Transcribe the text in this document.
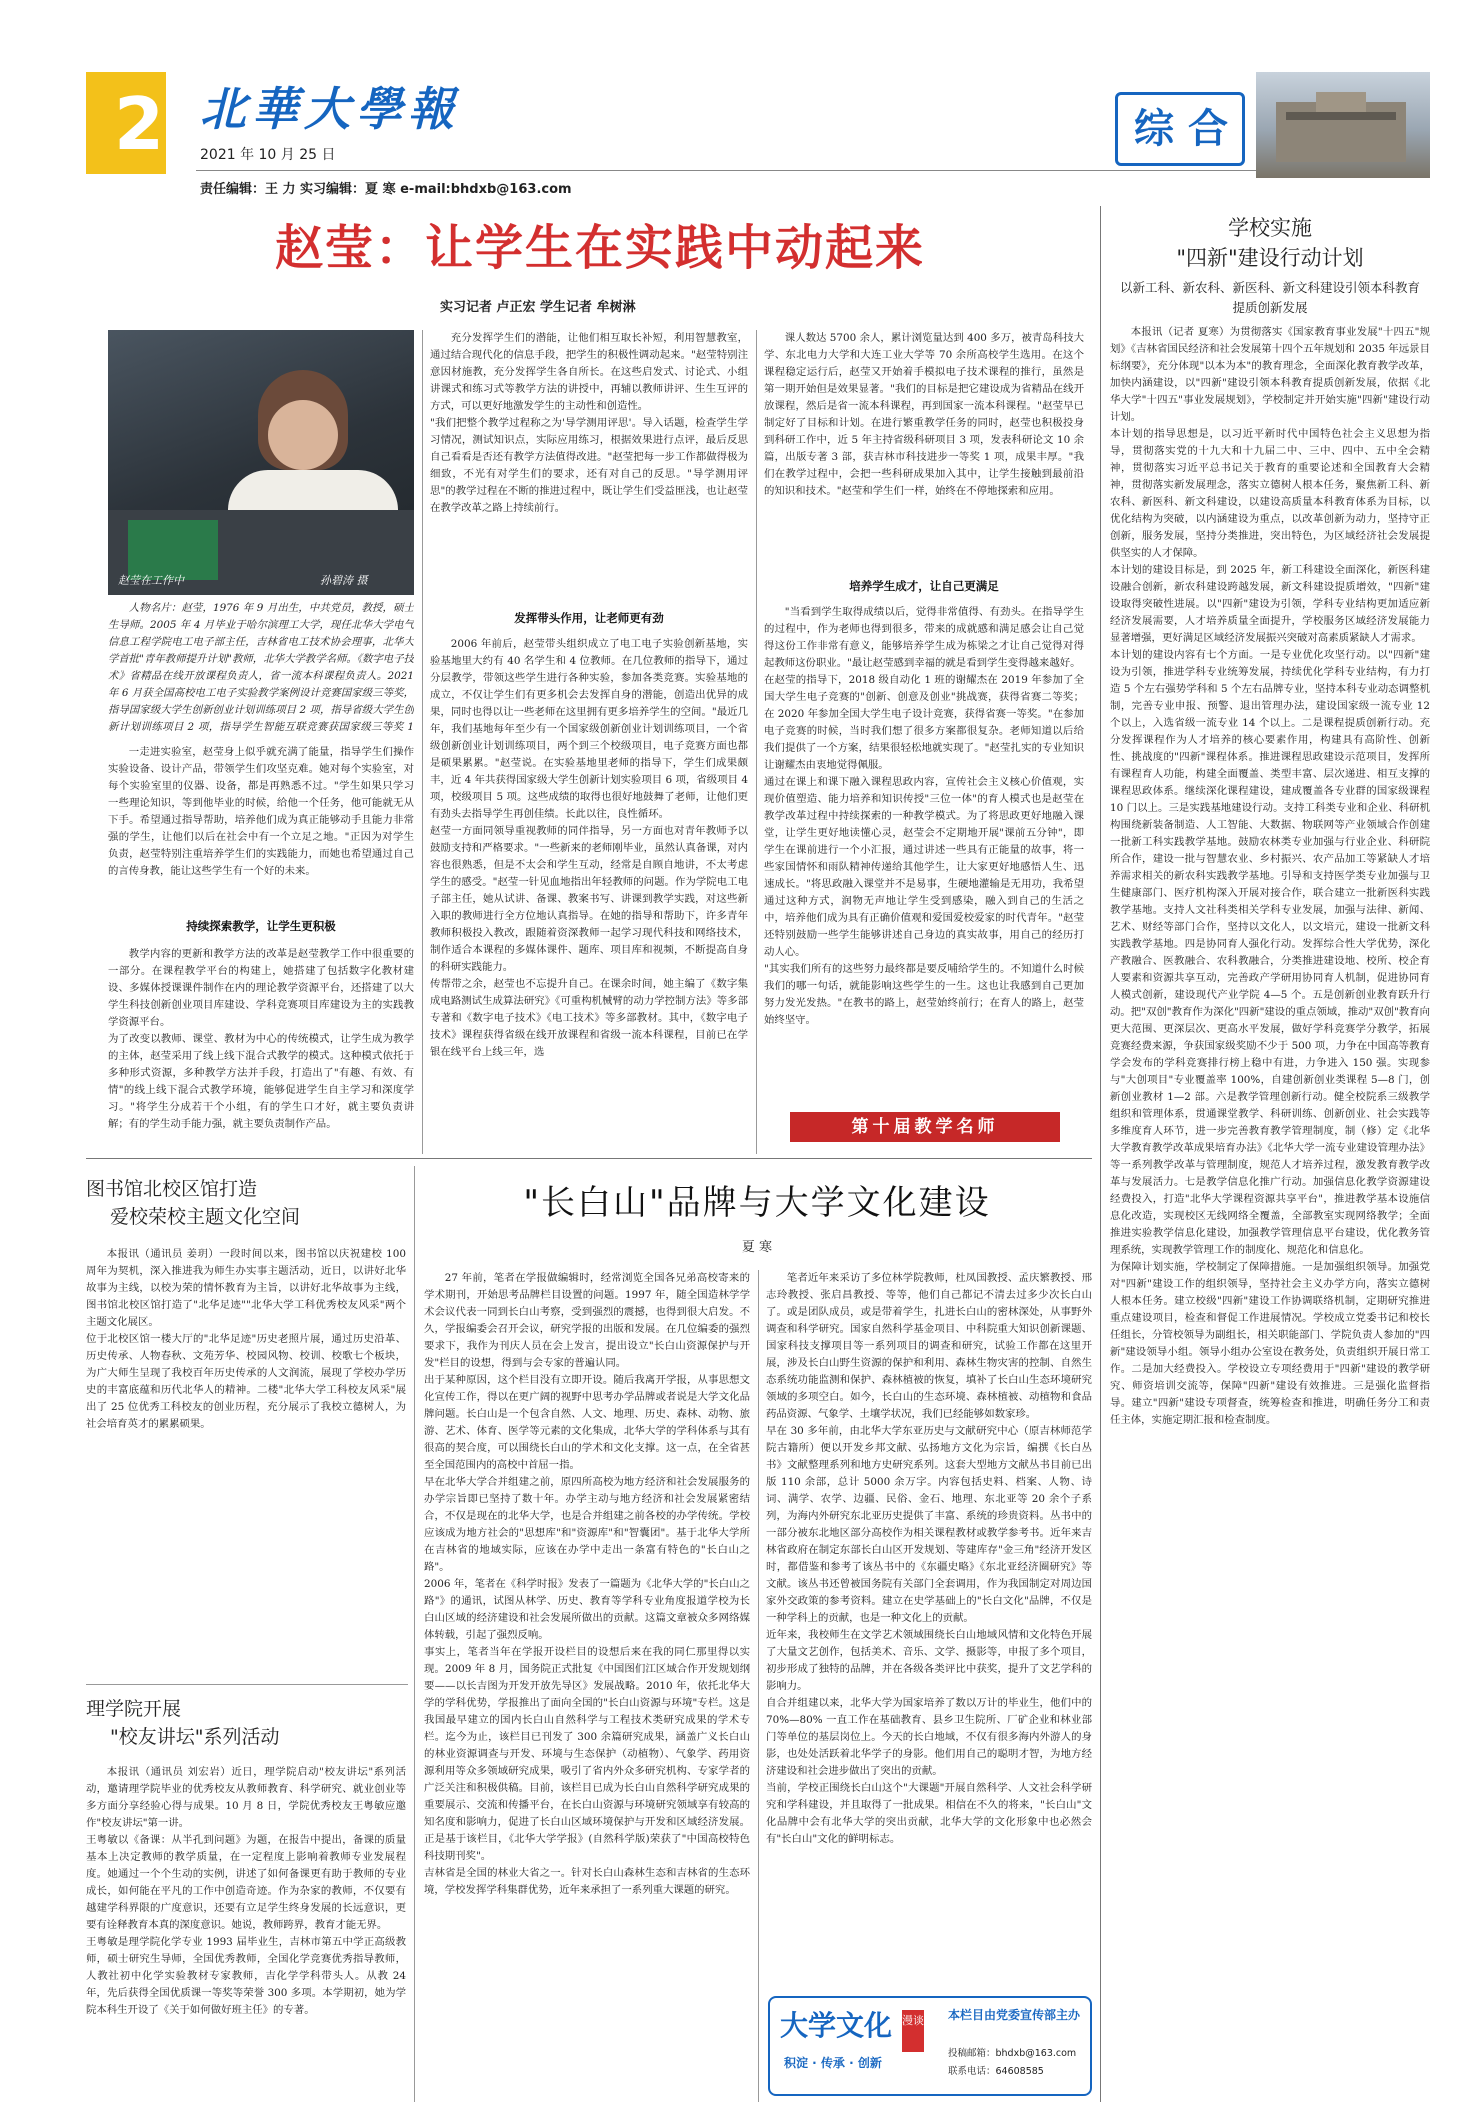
2 北華大學報
2021 年 10 月 25 日
责任编辑：王 力 实习编辑：夏 寒 e-mail:bhdxb@163.com
综 合
赵莹：让学生在实践中动起来
实习记者 卢正宏 学生记者 牟树淋
赵莹在工作中	孙碧涛 摄
人物名片：赵莹，1976 年 9 月出生，中共党员，教授，硕士生导师。2005 年 4 月毕业于哈尔滨理工大学，现任北华大学电气信息工程学院电工电子部主任，吉林省电工技术协会理事，北华大学首批"青年教师提升计划"教师，北华大学教学名师。《数字电子技术》省精品在线开放课程负责人，省一流本科课程负责人。2021 年 6 月获全国高校电工电子实验教学案例设计竞赛国家级三等奖，指导国家级大学生创新创业计划训练项目 2 项，指导省级大学生创新计划训练项目 2 项，指导学生智能互联竞赛获国家级三等奖 1
一走进实验室，赵莹身上似乎就充满了能量，指导学生们操作实验设备、设计产品，带领学生们攻坚克难。她对每个实验室，对每个实验室里的仪器、设备，都是再熟悉不过。"学生如果只学习一些理论知识，等到他毕业的时候，给他一个任务，他可能就无从下手。希望通过指导帮助，培养他们成为真正能够动手且能力非常强的学生，让他们以后在社会中有一个立足之地。"正因为对学生负责，赵莹特别注重培养学生们的实践能力，而她也希望通过自己的言传身教，能让这些学生有一个好的未来。
持续探索教学，让学生更积极
教学内容的更新和教学方法的改革是赵莹教学工作中很重要的一部分。在课程教学平台的构建上，她搭建了包括数字化教材建设、多媒体授课课件制作在内的理论教学资源平台，还搭建了以大学生科技创新创业项目库建设、学科竞赛项目库建设为主的实践教学资源平台。
为了改变以教师、课堂、教材为中心的传统模式，让学生成为教学的主体，赵莹采用了线上线下混合式教学的模式。这种模式依托于多种形式资源，多种教学方法并手段，打造出了"有趣、有效、有情"的线上线下混合式教学环境，能够促进学生自主学习和深度学习。"将学生分成若干个小组，有的学生口才好，就主要负责讲解；有的学生动手能力强，就主要负责制作产品。
充分发挥学生们的潜能，让他们相互取长补短，利用智慧教室，通过结合现代化的信息手段，把学生的积极性调动起来。"赵莹特别注意因材施教，充分发挥学生各自所长。在这些启发式、讨论式、小组讲课式和练习式等教学方法的讲授中，再辅以教师讲评、生生互评的方式，可以更好地激发学生的主动性和创造性。
"我们把整个教学过程称之为'导学测用评思'。导入话题，检查学生学习情况，测试知识点，实际应用练习，根据效果进行点评，最后反思自己看看是否还有教学方法值得改进。"赵莹把每一步工作都做得极为细致，不光有对学生们的要求，还有对自己的反思。"导学测用评思"的教学过程在不断的推进过程中，既让学生们受益匪浅，也让赵莹在教学改革之路上持续前行。
发挥带头作用，让老师更有劲
2006 年前后，赵莹带头组织成立了电工电子实验创新基地，实验基地里大约有 40 名学生和 4 位教师。在几位教师的指导下，通过分层教学，带领这些学生进行各种实验，参加各类竞赛。实验基地的成立，不仅让学生们有更多机会去发挥自身的潜能，创造出优异的成果，同时也得以让一些老师在这里拥有更多培养学生的空间。"最近几年，我们基地每年至少有一个国家级创新创业计划训练项目，一个省级创新创业计划训练项目，两个到三个校级项目，电子竞赛方面也都是硕果累累。"赵莹说。在实验基地里老师的指导下，学生们成果颇丰，近 4 年共获得国家级大学生创新计划实验项目 6 项，省级项目 4 项，校级项目 5 项。这些成绩的取得也很好地鼓舞了老师，让他们更有劲头去指导学生再创佳绩。长此以往，良性循环。
赵莹一方面同领导重视教师的同伴指导，另一方面也对青年教师予以鼓励支持和严格要求。"一些新来的老师刚毕业，虽然认真备课，对内容也很熟悉，但是不太会和学生互动，经常是自顾自地讲，不太考虑学生的感受。"赵莹一针见血地指出年轻教师的问题。作为学院电工电子部主任，她从试讲、备课、教案书写、讲课到教学实践，对这些新入职的教师进行全方位地认真指导。在她的指导和帮助下，许多青年教师积极投入教改，跟随着资深教师一起学习现代科技和网络技术，制作适合本课程的多媒体课件、题库、项目库和视频，不断提高自身的科研实践能力。
传帮带之余，赵莹也不忘提升自己。在课余时间，她主编了《数字集成电路测试生成算法研究》《可重构机械臂的动力学控制方法》等多部专著和《数字电子技术》《电工技术》等多部教材。其中，《数字电子技术》课程获得省级在线开放课程和省级一流本科课程，目前已在学银在线平台上线三年，选
课人数达 5700 余人，累计浏览量达到 400 多万，被青岛科技大学、东北电力大学和大连工业大学等 70 余所高校学生选用。在这个课程稳定运行后，赵莹又开始着手模拟电子技术课程的推行，虽然是第一期开始但是效果显著。"我们的目标是把它建设成为省精品在线开放课程，然后是省一流本科课程，再到国家一流本科课程。"赵莹早已制定好了目标和计划。在进行繁重教学任务的同时，赵莹也积极投身到科研工作中，近 5 年主持省级科研项目 3 项，发表科研论文 10 余篇，出版专著 3 部，获吉林市科技进步一等奖 1 项，成果丰厚。"我们在教学过程中，会把一些科研成果加入其中，让学生接触到最前沿的知识和技术。"赵莹和学生们一样，始终在不停地探索和应用。
培养学生成才，让自己更满足
"当看到学生取得成绩以后，觉得非常值得、有劲头。在指导学生的过程中，作为老师也得到很多，带来的成就感和满足感会让自己觉得这份工作非常有意义，能够培养学生成为栋梁之才让自己觉得对得起教师这份职业。"最让赵莹感到幸福的就是看到学生变得越来越好。
在赵莹的指导下，2018 级自动化 1 班的谢耀杰在 2019 年参加了全国大学生电子竞赛的"创新、创意及创业"挑战赛，获得省赛二等奖；在 2020 年参加全国大学生电子设计竞赛，获得省赛一等奖。"在参加电子竞赛的时候，当时我们想了很多方案都很复杂。老师知道以后给我们提供了一个方案，结果很轻松地就实现了。"赵莹扎实的专业知识让谢耀杰由衷地觉得佩服。
通过在课上和课下融入课程思政内容，宣传社会主义核心价值观，实现价值塑造、能力培养和知识传授"三位一体"的育人模式也是赵莹在教学改革过程中持续探索的一种教学模式。为了将思政更好地融入课堂，让学生更好地读懂心灵，赵莹会不定期地开展"课前五分钟"，即学生在课前进行一个小汇报，通过讲述一些具有正能量的故事，将一些家国情怀和雨队精神传递给其他学生，让大家更好地感悟人生、迅速成长。"将思政融入课堂并不是易事，生硬地灌输是无用功，我希望通过这种方式，润物无声地让学生受到感染，融入到自己的生活之中，培养他们成为具有正确价值观和爱国爱校爱家的时代青年。"赵莹还特别鼓励一些学生能够讲述自己身边的真实故事，用自己的经历打动人心。
"其实我们所有的这些努力最终都是要反哺给学生的。不知道什么时候我们的哪一句话，就能影响这些学生的一生。这也让我感到自己更加努力发光发热。"在教书的路上，赵莹始终前行；在育人的路上，赵莹始终坚守。
第十届教学名师
学校实施
"四新"建设行动计划
以新工科、新农科、新医科、新文科建设引领本科教育提质创新发展
本报讯（记者 夏寒）为贯彻落实《国家教育事业发展"十四五"规划》《吉林省国民经济和社会发展第十四个五年规划和 2035 年远景目标纲要》，充分体现"以本为本"的教育理念，全面深化教育教学改革，加快内涵建设，以"四新"建设引领本科教育提质创新发展，依据《北华大学"十四五"事业发展规划》，学校制定并开始实施"四新"建设行动计划。
本计划的指导思想是，以习近平新时代中国特色社会主义思想为指导，贯彻落实党的十九大和十九届二中、三中、四中、五中全会精神，贯彻落实习近平总书记关于教育的重要论述和全国教育大会精神，贯彻落实新发展理念，落实立德树人根本任务，聚焦新工科、新农科、新医科、新文科建设，以建设高质量本科教育体系为目标，以优化结构为突破，以内涵建设为重点，以改革创新为动力，坚持守正创新，服务发展，坚持分类推进，突出特色，为区域经济社会发展提供坚实的人才保障。
本计划的建设目标是，到 2025 年，新工科建设全面深化，新医科建设融合创新，新农科建设跨越发展，新文科建设提质增效，"四新"建设取得突破性进展。以"四新"建设为引领，学科专业结构更加适应新经济发展需要，人才培养质量全面提升，学校服务区域经济发展能力显著增强，更好满足区域经济发展振兴突破对高素质紧缺人才需求。
本计划的建设内容有七个方面。一是专业优化攻坚行动。以"四新"建设为引领，推进学科专业统筹发展，持续优化学科专业结构，有力打造 5 个左右强势学科和 5 个左右品牌专业，坚持本科专业动态调整机制，完善专业申报、预警、退出管理办法，建设国家级一流专业 12 个以上，入选省级一流专业 14 个以上。二是课程提质创新行动。充分发挥课程作为人才培养的核心要素作用，构建具有高阶性、创新性、挑战度的"四新"课程体系。推进课程思政建设示范项目，发挥所有课程育人功能，构建全面覆盖、类型丰富、层次递进、相互支撑的课程思政体系。继续深化课程建设，建成覆盖各专业群的国家级课程 10 门以上。三是实践基地建设行动。支持工科类专业和企业、科研机构围绕新装备制造、人工智能、大数据、物联网等产业领域合作创建一批新工科实践教学基地。鼓励农林类专业加强与行业企业、科研院所合作，建设一批与智慧农业、乡村振兴、农产品加工等紧缺人才培养需求相关的新农科实践教学基地。引导和支持医学类专业加强与卫生健康部门、医疗机构深入开展对接合作，联合建立一批新医科实践教学基地。支持人文社科类相关学科专业发展，加强与法律、新闻、艺术、财经等部门合作，坚持以文化人，以文培元，建设一批新文科实践教学基地。四是协同育人强化行动。发挥综合性大学优势，深化产教融合、医教融合、农科教融合，分类推进建设地、校所、校企育人要素和资源共享互动，完善政产学研用协同育人机制，促进协同育人模式创新，建设现代产业学院 4—5 个。五是创新创业教育跃升行动。把"双创"教育作为深化"四新"建设的重点领域，推动"双创"教育向更大范围、更深层次、更高水平发展，做好学科竞赛学分教学，拓展竞赛经费来源，争获国家级奖励不少于 500 项，力争在中国高等教育学会发布的学科竞赛排行榜上稳中有进，力争进入 150 强。实现参与"大创项目"专业覆盖率 100%，自建创新创业类课程 5—8 门，创新创业教材 1—2 部。六是教学管理创新行动。健全校院系三级教学组织和管理体系，贯通课堂教学、科研训练、创新创业、社会实践等多维度育人环节，进一步完善教育教学管理制度，制（修）定《北华大学教育教学改革成果培育办法》《北华大学一流专业建设管理办法》等一系列教学改革与管理制度，规范人才培养过程，激发教育教学改革与发展活力。七是教学信息化推广行动。加强信息化教学资源建设经费投入，打造"北华大学课程资源共享平台"，推进教学基本设施信息化改造，实现校区无线网络全覆盖，全部教室实现网络教学；全面推进实验教学信息化建设，加强教学管理信息平台建设，优化教务管理系统，实现教学管理工作的制度化、规范化和信息化。
为保障计划实施，学校制定了保障措施。一是加强组织领导。加强党对"四新"建设工作的组织领导，坚持社会主义办学方向，落实立德树人根本任务。建立校级"四新"建设工作协调联络机制，定期研究推进重点建设项目，检查和督促工作进展情况。学校成立党委书记和校长任组长，分管校领导为副组长，相关职能部门、学院负责人参加的"四新"建设领导小组。领导小组办公室设在教务处，负责组织开展日常工作。二是加大经费投入。学校设立专项经费用于"四新"建设的教学研究、师资培训交流等，保障"四新"建设有效推进。三是强化监督指导。建立"四新"建设专项督查，统筹检查和推进，明确任务分工和责任主体，实施定期汇报和检查制度。
图书馆北校区馆打造
爱校荣校主题文化空间
本报讯（通讯员 姜玥）一段时间以来，图书馆以庆祝建校 100 周年为契机，深入推进我为师生办实事主题活动，近日，以讲好北华故事为主线，以校为荣的情怀教育为主旨，以讲好北华故事为主线，图书馆北校区馆打造了"北华足迹""北华大学工科优秀校友风采"两个主题文化展区。
位于北校区馆一楼大厅的"北华足迹"历史老照片展，通过历史沿革、历史传承、人物春秋、文苑芳华、校园风物、校训、校歌七个板块，为广大师生呈现了我校百年历史传承的人文润流，展现了学校办学历史的丰富底蕴和历代北华人的精神。二楼"北华大学工科校友风采"展出了 25 位优秀工科校友的创业历程，充分展示了我校立德树人，为社会培育英才的累累硕果。
理学院开展
"校友讲坛"系列活动
本报讯（通讯员 刘宏岩）近日，理学院启动"校友讲坛"系列活动，邀请理学院毕业的优秀校友从教师教育、科学研究、就业创业等多方面分享经验心得与成果。10 月 8 日，学院优秀校友王粤敏应邀作"校友讲坛"第一讲。
王粤敏以《备课：从半孔到问题》为题，在报告中提出，备课的质量基本上决定教师的教学质量，在一定程度上影响着教师专业发展程度。她通过一个个生动的实例，讲述了如何备课更有助于教师的专业成长，如何能在平凡的工作中创造奇迹。作为杂家的教师，不仅要有越建学科界限的广度意识，还要有立足学生终身发展的长远意识，更要有诠释教育本真的深度意识。她说，教师跨界，教育才能无界。
王粤敏是理学院化学专业 1993 届毕业生，吉林市第五中学正高级教师，硕士研究生导师，全国优秀教师，全国化学竞赛优秀指导教师，人教社初中化学实验教材专家教师，吉化学学科带头人。从教 24 年，先后获得全国优质课一等奖等荣誉 300 多项。本学期初，她为学院本科生开设了《关于如何做好班主任》的专著。
"长白山"品牌与大学文化建设
夏 寒
27 年前，笔者在学报做编辑时，经常浏览全国各兄弟高校寄来的学术期刊，开始思考品牌栏目设置的问题。1997 年，随全国造林学学术会议代表一同到长白山考察，受到强烈的震撼，也得到很大启发。不久，学报编委会召开会议，研究学报的出版和发展。在几位编委的强烈要求下，我作为刊庆人员在会上发言，提出设立"长白山资源保护与开发"栏目的设想，得到与会专家的普遍认同。
出于某种原因，这个栏目没有立即开设。随后我离开学报，从事思想文化宣传工作，得以在更广阔的视野中思考办学品牌或者说是大学文化品牌问题。长白山是一个包含自然、人文、地理、历史、森林、动物、旅游、艺术、体育、医学等元素的文化集成，北华大学的学科体系与其有很高的契合度，可以围绕长白山的学术和文化支撑。这一点，在全省甚至全国范围内的高校中首屈一指。
早在北华大学合并组建之前，原四所高校为地方经济和社会发展服务的办学宗旨即已坚持了数十年。办学主动与地方经济和社会发展紧密结合，不仅是现在的北华大学，也是合并组建之前各校的办学传统。学校应该成为地方社会的"思想库"和"资源库"和"智囊团"。基于北华大学所在吉林省的地域实际，应该在办学中走出一条富有特色的"长白山之路"。
2006 年，笔者在《科学时报》发表了一篇题为《北华大学的"长白山之路"》的通讯，试图从林学、历史、教育等学科专业角度报道学校为长白山区域的经济建设和社会发展所做出的贡献。这篇文章被众多网络媒体转载，引起了强烈反响。
事实上，笔者当年在学报开设栏目的设想后来在我的同仁那里得以实现。2009 年 8 月，国务院正式批复《中国图们江区域合作开发规划纲要——以长吉图为开发开放先导区》发展战略。2010 年，依托北华大学的学科优势，学报推出了面向全国的"长白山资源与环境"专栏。这是我国最早建立的国内长白山自然科学与工程技术类研究成果的学术专栏。迄今为止，该栏目已刊发了 300 余篇研究成果，涵盖广义长白山的林业资源调查与开发、环境与生态保护（动植物）、气象学、药用资源利用等众多领域研究成果，吸引了省内外众多研究机构、专家学者的广泛关注和积极供稿。目前，该栏目已成为长白山自然科学研究成果的重要展示、交流和传播平台，在长白山资源与环境研究领域享有较高的知名度和影响力，促进了长白山区域环境保护与开发和区域经济发展。正是基于该栏目，《北华大学学报》(自然科学版)荣获了"中国高校特色科技期刊奖"。
吉林省是全国的林业大省之一。针对长白山森林生态和吉林省的生态环境，学校发挥学科集群优势，近年来承担了一系列重大课题的研究。
笔者近年来采访了多位林学院教师，杜凤国教授、孟庆繁教授、邢志玲教授、张启昌教授、等等，他们自己都记不清去过多少次长白山了。或是团队成员，或是带着学生，扎进长白山的密林深处，从事野外调查和科学研究。国家自然科学基金项目、中科院重大知识创新课题、国家科技支撑项目等一系列项目的调查和研究，试验工作都在这里开展，涉及长白山野生资源的保护和利用、森林生物灾害的控制、自然生态系统功能监测和保护、森林植被的恢复，填补了长白山生态环境研究领域的多项空白。如今，长白山的生态环境、森林植被、动植物和食品药品资源、气象学、土壤学状况，我们已经能够如数家珍。
早在 30 多年前，由北华大学东亚历史与文献研究中心（原吉林师范学院古籍所）便以开发乡邦文献、弘扬地方文化为宗旨，编撰《长白丛书》文献整理系列和地方史研究系列。这套大型地方文献丛书目前已出版 110 余部，总计 5000 余万字。内容包括史料、档案、人物、诗词、满学、农学、边疆、民俗、金石、地理、东北亚等 20 余个子系列，为海内外研究东北亚历史提供了丰富、系统的珍贵资料。丛书中的一部分被东北地区部分高校作为相关课程教材或教学参考书。近年来吉林省政府在制定东部长白山区开发规划、等建库存"金三角"经济开发区时，都借鉴和参考了该丛书中的《东疆史略》《东北亚经济圈研究》等文献。该丛书还曾被国务院有关部门全套调用，作为我国制定对周边国家外交政策的参考资料。建立在史学基础上的"长白文化"品牌，不仅是一种学科上的贡献，也是一种文化上的贡献。
近年来，我校师生在文学艺术领域围绕长白山地域风情和文化特色开展了大量文艺创作，包括美术、音乐、文学、摄影等，申报了多个项目，初步形成了独特的品牌，并在各级各类评比中获奖，提升了文艺学科的影响力。
自合并组建以来，北华大学为国家培养了数以万计的毕业生，他们中的 70%—80% 一直工作在基础教育、县乡卫生院所、厂矿企业和林业部门等单位的基层岗位上。今天的长白地域，不仅有很多海内外游人的身影，也处处活跃着北华学子的身影。他们用自己的聪明才智，为地方经济建设和社会进步做出了突出的贡献。
当前，学校正围绕长白山这个"大课题"开展自然科学、人文社会科学研究和学科建设，并且取得了一批成果。相信在不久的将来，"长白山"文化品牌中会有北华大学的突出贡献，北华大学的文化形象中也必然会有"长白山"文化的鲜明标志。
大学文化 漫谈
积淀 · 传承 · 创新
本栏目由党委宣传部主办
投稿邮箱：bhdxb@163.com
联系电话：64608585
